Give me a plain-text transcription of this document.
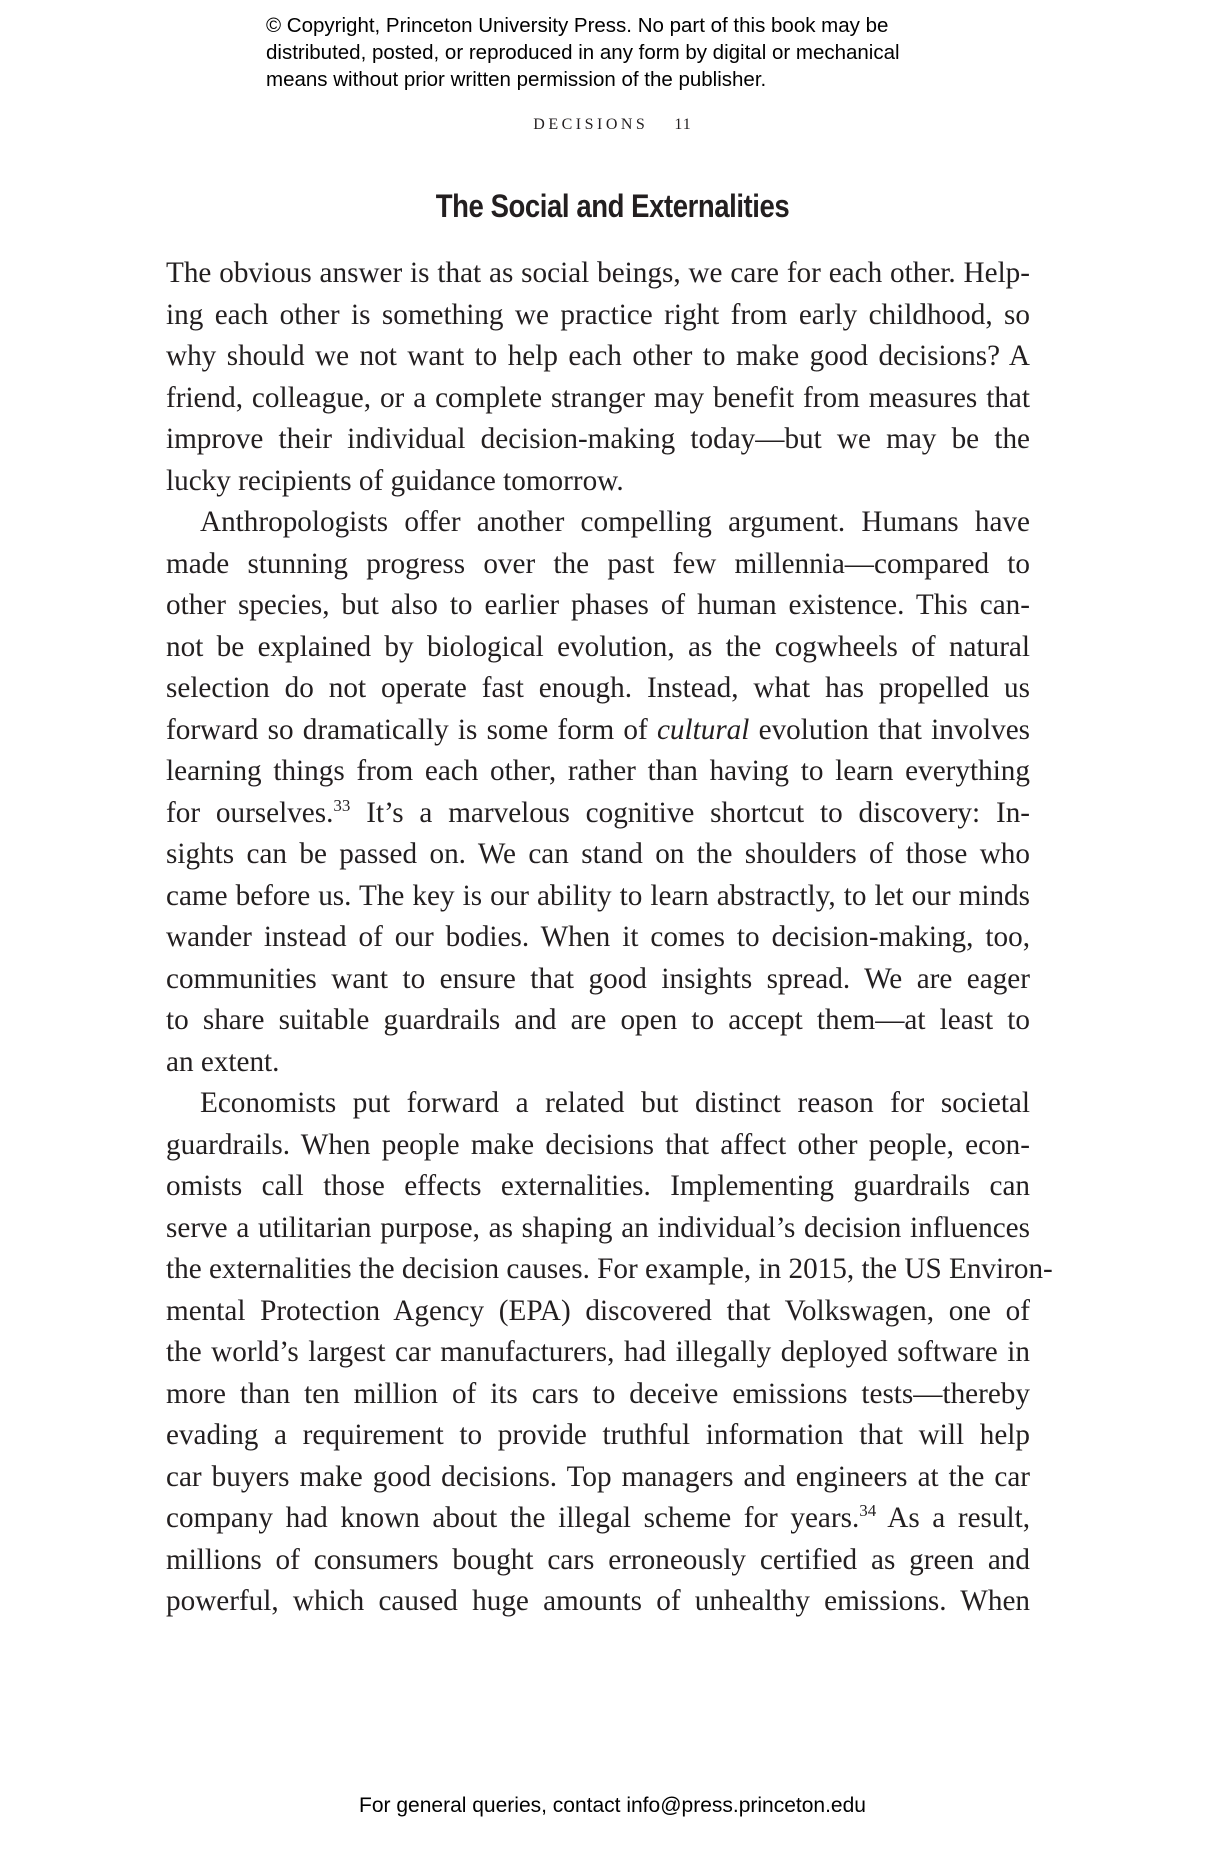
© Copyright, Princeton University Press. No part of this book may be
distributed, posted, or reproduced in any form by digital or mechanical
means without prior written permission of the publisher.
DECISIONS 11
The Social and Externalities
The obvious answer is that as social beings, we care for each other. Help-
ing each other is something we practice right from early childhood, so
why should we not want to help each other to make good decisions? A
friend, colleague, or a complete stranger may benefit from measures that
improve their individual decision-making today—but we may be the
lucky recipients of guidance tomorrow.
Anthropologists offer another compelling argument. Humans have
made stunning progress over the past few millennia—compared to
other species, but also to earlier phases of human existence. This can-
not be explained by biological evolution, as the cogwheels of natural
selection do not operate fast enough. Instead, what has propelled us
forward so dramatically is some form of cultural evolution that involves
learning things from each other, rather than having to learn everything
for ourselves.$^{33}$ It’s a marvelous cognitive shortcut to discovery: In-
sights can be passed on. We can stand on the shoulders of those who
came before us. The key is our ability to learn abstractly, to let our minds
wander instead of our bodies. When it comes to decision-making, too,
communities want to ensure that good insights spread. We are eager
to share suitable guardrails and are open to accept them—at least to
an extent.
Economists put forward a related but distinct reason for societal
guardrails. When people make decisions that affect other people, econ-
omists call those effects externalities. Implementing guardrails can
serve a utilitarian purpose, as shaping an individual’s decision influences
the externalities the decision causes. For example, in 2015, the US Environ-
mental Protection Agency (EPA) discovered that Volkswagen, one of
the world’s largest car manufacturers, had illegally deployed software in
more than ten million of its cars to deceive emissions tests—thereby
evading a requirement to provide truthful information that will help
car buyers make good decisions. Top managers and engineers at the car
company had known about the illegal scheme for years.$^{34}$ As a result,
millions of consumers bought cars erroneously certified as green and
powerful, which caused huge amounts of unhealthy emissions. When
For general queries, contact info@press.princeton.edu
